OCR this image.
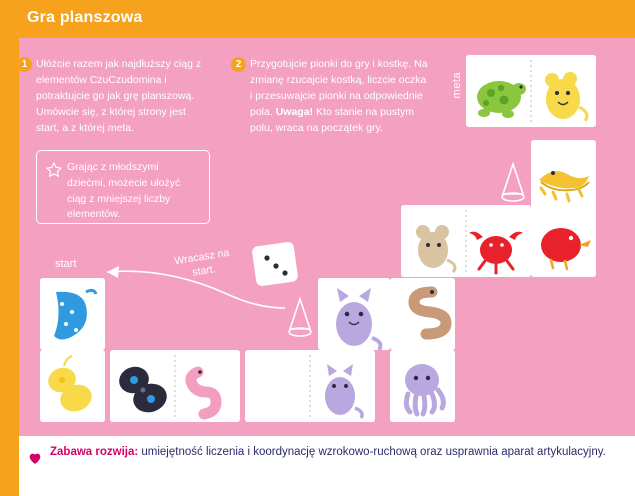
Gra planszowa
1 Ułóżcie razem jak najdłuższy ciąg z elementów CzuCzudomina i potraktujcie go jak grę planszową. Umówcie się, z której strony jest start, a z której meta.
2 Przygotujcie pionki do gry i kostkę. Na zmianę rzucajcie kostką, liczcie oczka i przesuwajcie pionki na odpowiednie pola. Uwaga! Kto stanie na pustym polu, wraca na początek gry.
Grając z młodszymi dziećmi, możecie ułożyć ciąg z mniejszej liczby elementów.
meta
start	Wracasz na start.
Zabawa rozwija: umiejętność liczenia i koordynację wzrokowo-ruchową oraz usprawnia aparat artykulacyjny.
